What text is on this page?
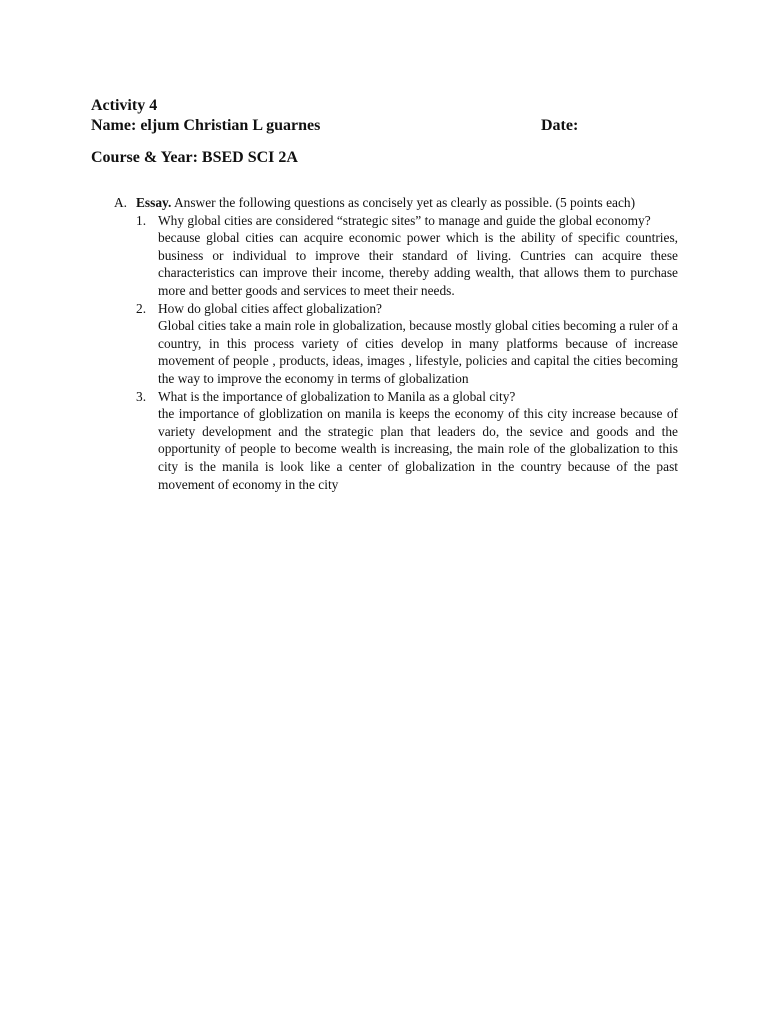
Activity 4
Name: eljum Christian L guarnes	Date:
Course & Year: BSED SCI 2A
A. Essay. Answer the following questions as concisely yet as clearly as possible. (5 points each)
1. Why global cities are considered “strategic sites” to manage and guide the global economy?
because global cities can acquire economic power which is the ability of specific countries, business or individual to improve their standard of living. Cuntries can acquire these characteristics can improve their income, thereby adding wealth, that allows them to purchase more and better goods and services to meet their needs.
2. How do global cities affect globalization?
Global cities take a main role in globalization, because mostly global cities becoming a ruler of a country, in this process variety of cities develop in many platforms because of increase movement of people , products, ideas, images , lifestyle, policies and capital the cities becoming the way to improve the economy in terms of globalization
3. What is the importance of globalization to Manila as a global city?
the importance of globlization on manila is keeps the economy of this city increase because of variety development and the strategic plan that leaders do, the sevice and goods and the opportunity of people to become wealth is increasing, the main role of the globalization to this city is the manila is look like a center of globalization in the country because of the past movement of economy in the city
